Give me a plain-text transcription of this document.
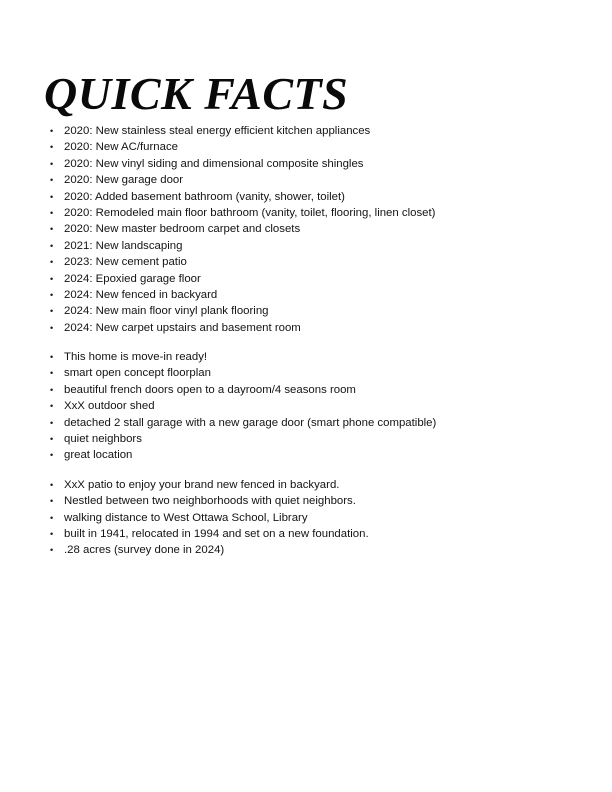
QUICK FACTS
• 2020: New stainless steal energy efficient kitchen appliances
• 2020: New AC/furnace
• 2020: New vinyl siding and dimensional composite shingles
• 2020: New garage door
• 2020: Added basement bathroom (vanity, shower, toilet)
• 2020: Remodeled main floor bathroom (vanity, toilet, flooring, linen closet)
• 2020: New master bedroom carpet and closets
• 2021: New landscaping
• 2023: New cement patio
• 2024: Epoxied garage floor
• 2024: New fenced in backyard
• 2024: New main floor vinyl plank flooring
• 2024: New carpet upstairs and basement room
• This home is move-in ready!
• smart open concept floorplan
• beautiful french doors open to a dayroom/4 seasons room
• XxX outdoor shed
• detached 2 stall garage with a new garage door (smart phone compatible)
• quiet neighbors
• great location
• XxX patio to enjoy your brand new fenced in backyard.
• Nestled between two neighborhoods with quiet neighbors.
• walking distance to West Ottawa School, Library
• built in 1941, relocated in 1994 and set on a new foundation.
• .28 acres (survey done in 2024)
